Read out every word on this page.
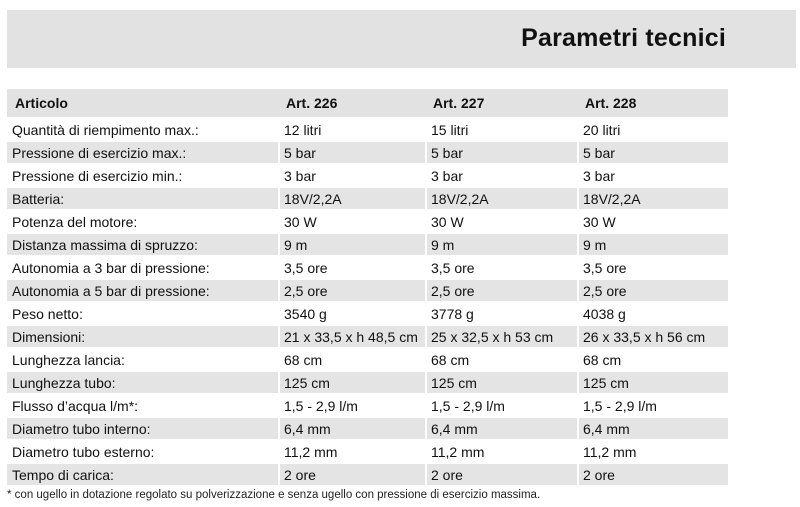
Parametri tecnici
Articolo	Art. 226	Art. 227	Art. 228
Quantità di riempimento max.:	12 litri	15 litri	20 litri
Pressione di esercizio max.:	5 bar	5 bar	5 bar
Pressione di esercizio min.:	3 bar	3 bar	3 bar
Batteria:	18V/2,2A	18V/2,2A	18V/2,2A
Potenza del motore:	30 W	30 W	30 W
Distanza massima di spruzzo:	9 m	9 m	9 m
Autonomia a 3 bar di pressione:	3,5 ore	3,5 ore	3,5 ore
Autonomia a 5 bar di pressione:	2,5 ore	2,5 ore	2,5 ore
Peso netto:	3540 g	3778 g	4038 g
Dimensioni:	21 x 33,5 x h 48,5 cm	25 x 32,5 x h 53 cm	26 x 33,5 x h 56 cm
Lunghezza lancia:	68 cm	68 cm	68 cm
Lunghezza tubo:	125 cm	125 cm	125 cm
Flusso d’acqua l/m*:	1,5 - 2,9 l/m	1,5 - 2,9 l/m	1,5 - 2,9 l/m
Diametro tubo interno:	6,4 mm	6,4 mm	6,4 mm
Diametro tubo esterno:	11,2 mm	11,2 mm	11,2 mm
Tempo di carica:	2 ore	2 ore	2 ore
* con ugello in dotazione regolato su polverizzazione e senza ugello con pressione di esercizio massima.
